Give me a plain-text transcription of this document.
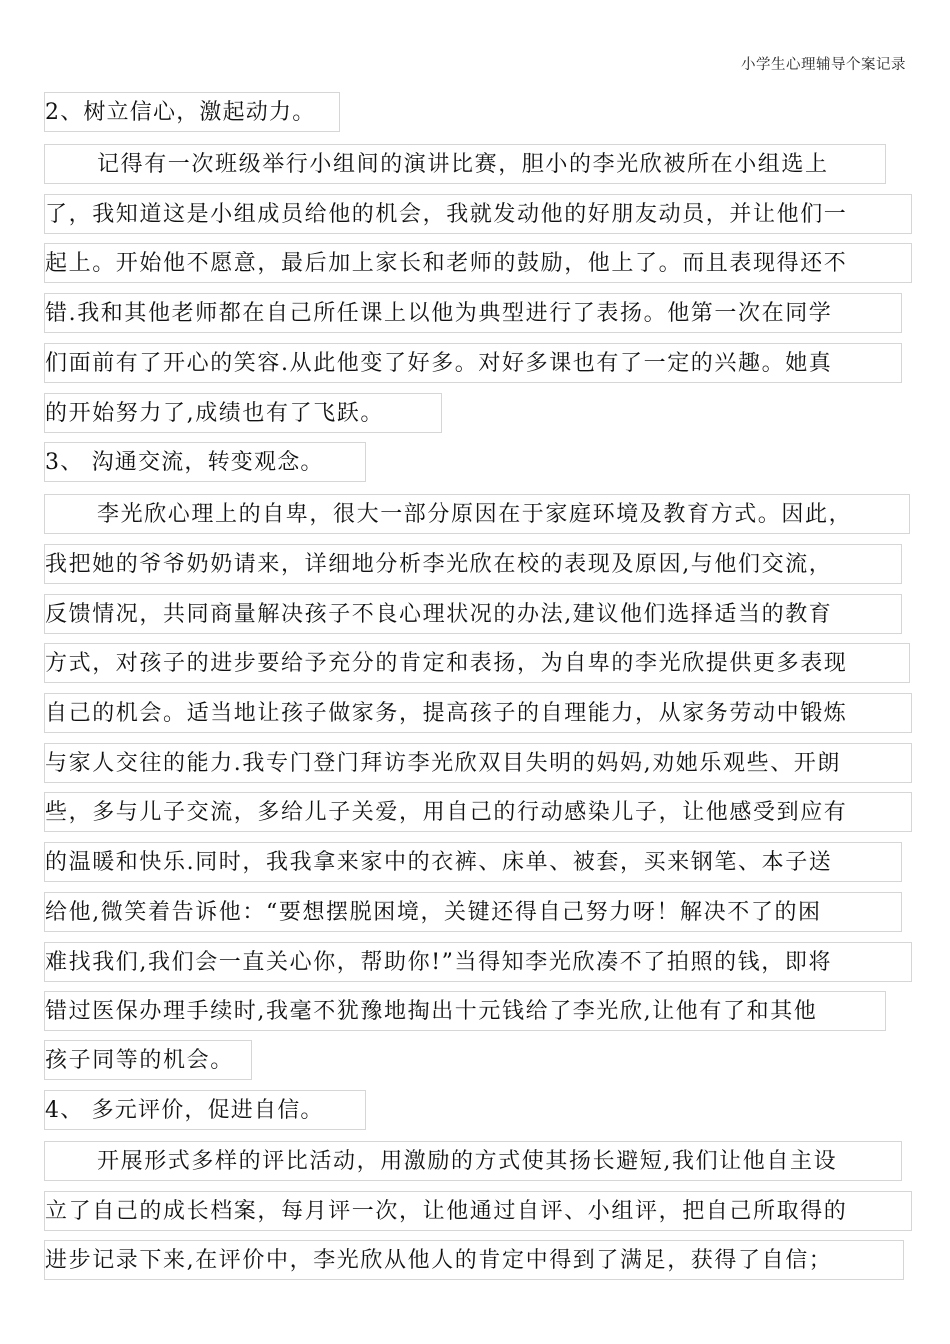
小学生心理辅导个案记录
2、树立信心，激起动力。
记得有一次班级举行小组间的演讲比赛，胆小的李光欣被所在小组选上
了，我知道这是小组成员给他的机会，我就发动他的好朋友动员，并让他们一
起上。开始他不愿意，最后加上家长和老师的鼓励，他上了。而且表现得还不
错.我和其他老师都在自己所任课上以他为典型进行了表扬。他第一次在同学
们面前有了开心的笑容.从此他变了好多。对好多课也有了一定的兴趣。她真
的开始努力了,成绩也有了飞跃。
3、 沟通交流，转变观念。
李光欣心理上的自卑，很大一部分原因在于家庭环境及教育方式。因此，
我把她的爷爷奶奶请来，详细地分析李光欣在校的表现及原因,与他们交流，
反馈情况，共同商量解决孩子不良心理状况的办法,建议他们选择适当的教育
方式，对孩子的进步要给予充分的肯定和表扬，为自卑的李光欣提供更多表现
自己的机会。适当地让孩子做家务，提高孩子的自理能力，从家务劳动中锻炼
与家人交往的能力.我专门登门拜访李光欣双目失明的妈妈,劝她乐观些、开朗
些，多与儿子交流，多给儿子关爱，用自己的行动感染儿子，让他感受到应有
的温暖和快乐.同时，我我拿来家中的衣裤、床单、被套，买来钢笔、本子送
给他,微笑着告诉他：“要想摆脱困境，关键还得自己努力呀！解决不了的困
难找我们,我们会一直关心你，帮助你!”当得知李光欣凑不了拍照的钱，即将
错过医保办理手续时,我毫不犹豫地掏出十元钱给了李光欣,让他有了和其他
孩子同等的机会。
4、 多元评价，促进自信。
开展形式多样的评比活动，用激励的方式使其扬长避短,我们让他自主设
立了自己的成长档案，每月评一次，让他通过自评、小组评，把自己所取得的
进步记录下来,在评价中，李光欣从他人的肯定中得到了满足，获得了自信；
